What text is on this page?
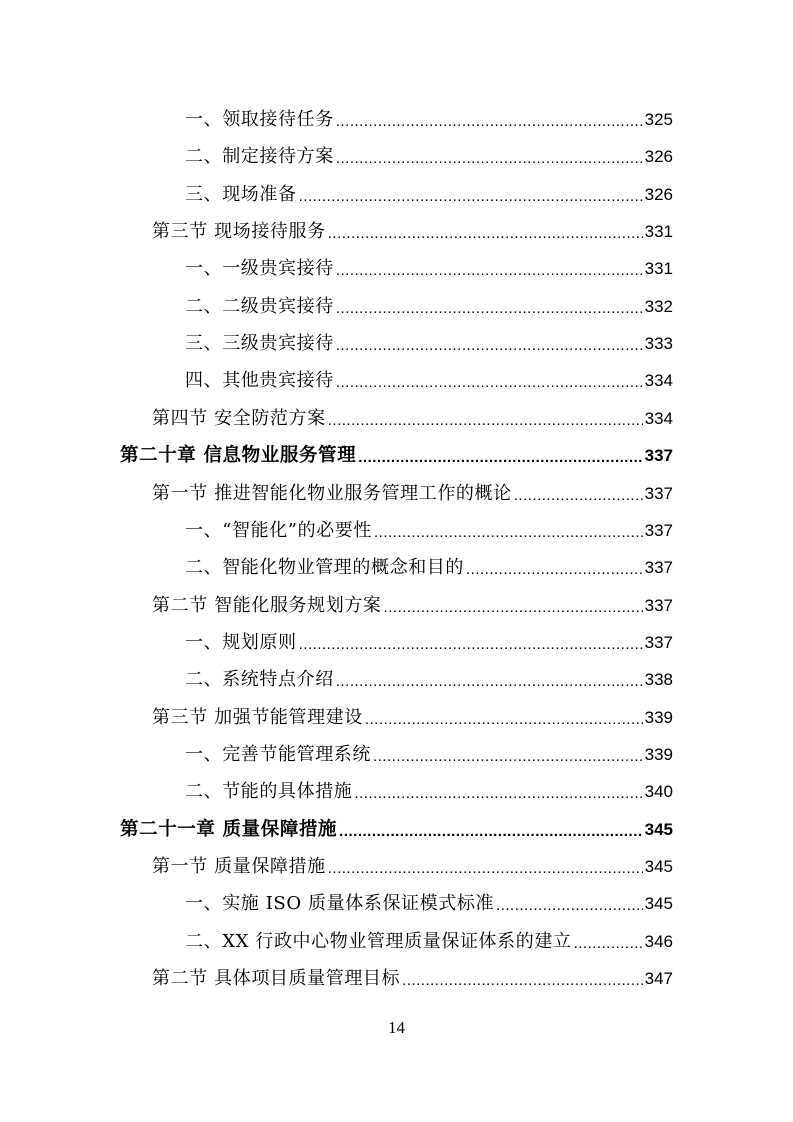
一、领取接待任务 .....	325
二、制定接待方案 .....	326
三、现场准备 .....	326
第三节 现场接待服务 .....	331
一、一级贵宾接待 .....	331
二、二级贵宾接待 .....	332
三、三级贵宾接待 .....	333
四、其他贵宾接待 .....	334
第四节 安全防范方案 .....	334
第二十章 信息物业服务管理 .....	337
第一节 推进智能化物业服务管理工作的概论 .....	337
一、“智能化”的必要性 .....	337
二、智能化物业管理的概念和目的 .....	337
第二节 智能化服务规划方案 .....	337
一、规划原则 .....	337
二、系统特点介绍 .....	338
第三节 加强节能管理建设 .....	339
一、完善节能管理系统 .....	339
二、节能的具体措施 .....	340
第二十一章 质量保障措施 .....	345
第一节 质量保障措施 .....	345
一、实施 ISO 质量体系保证模式标准 .....	345
二、XX 行政中心物业管理质量保证体系的建立 .....	346
第二节 具体项目质量管理目标 .....	347
14
